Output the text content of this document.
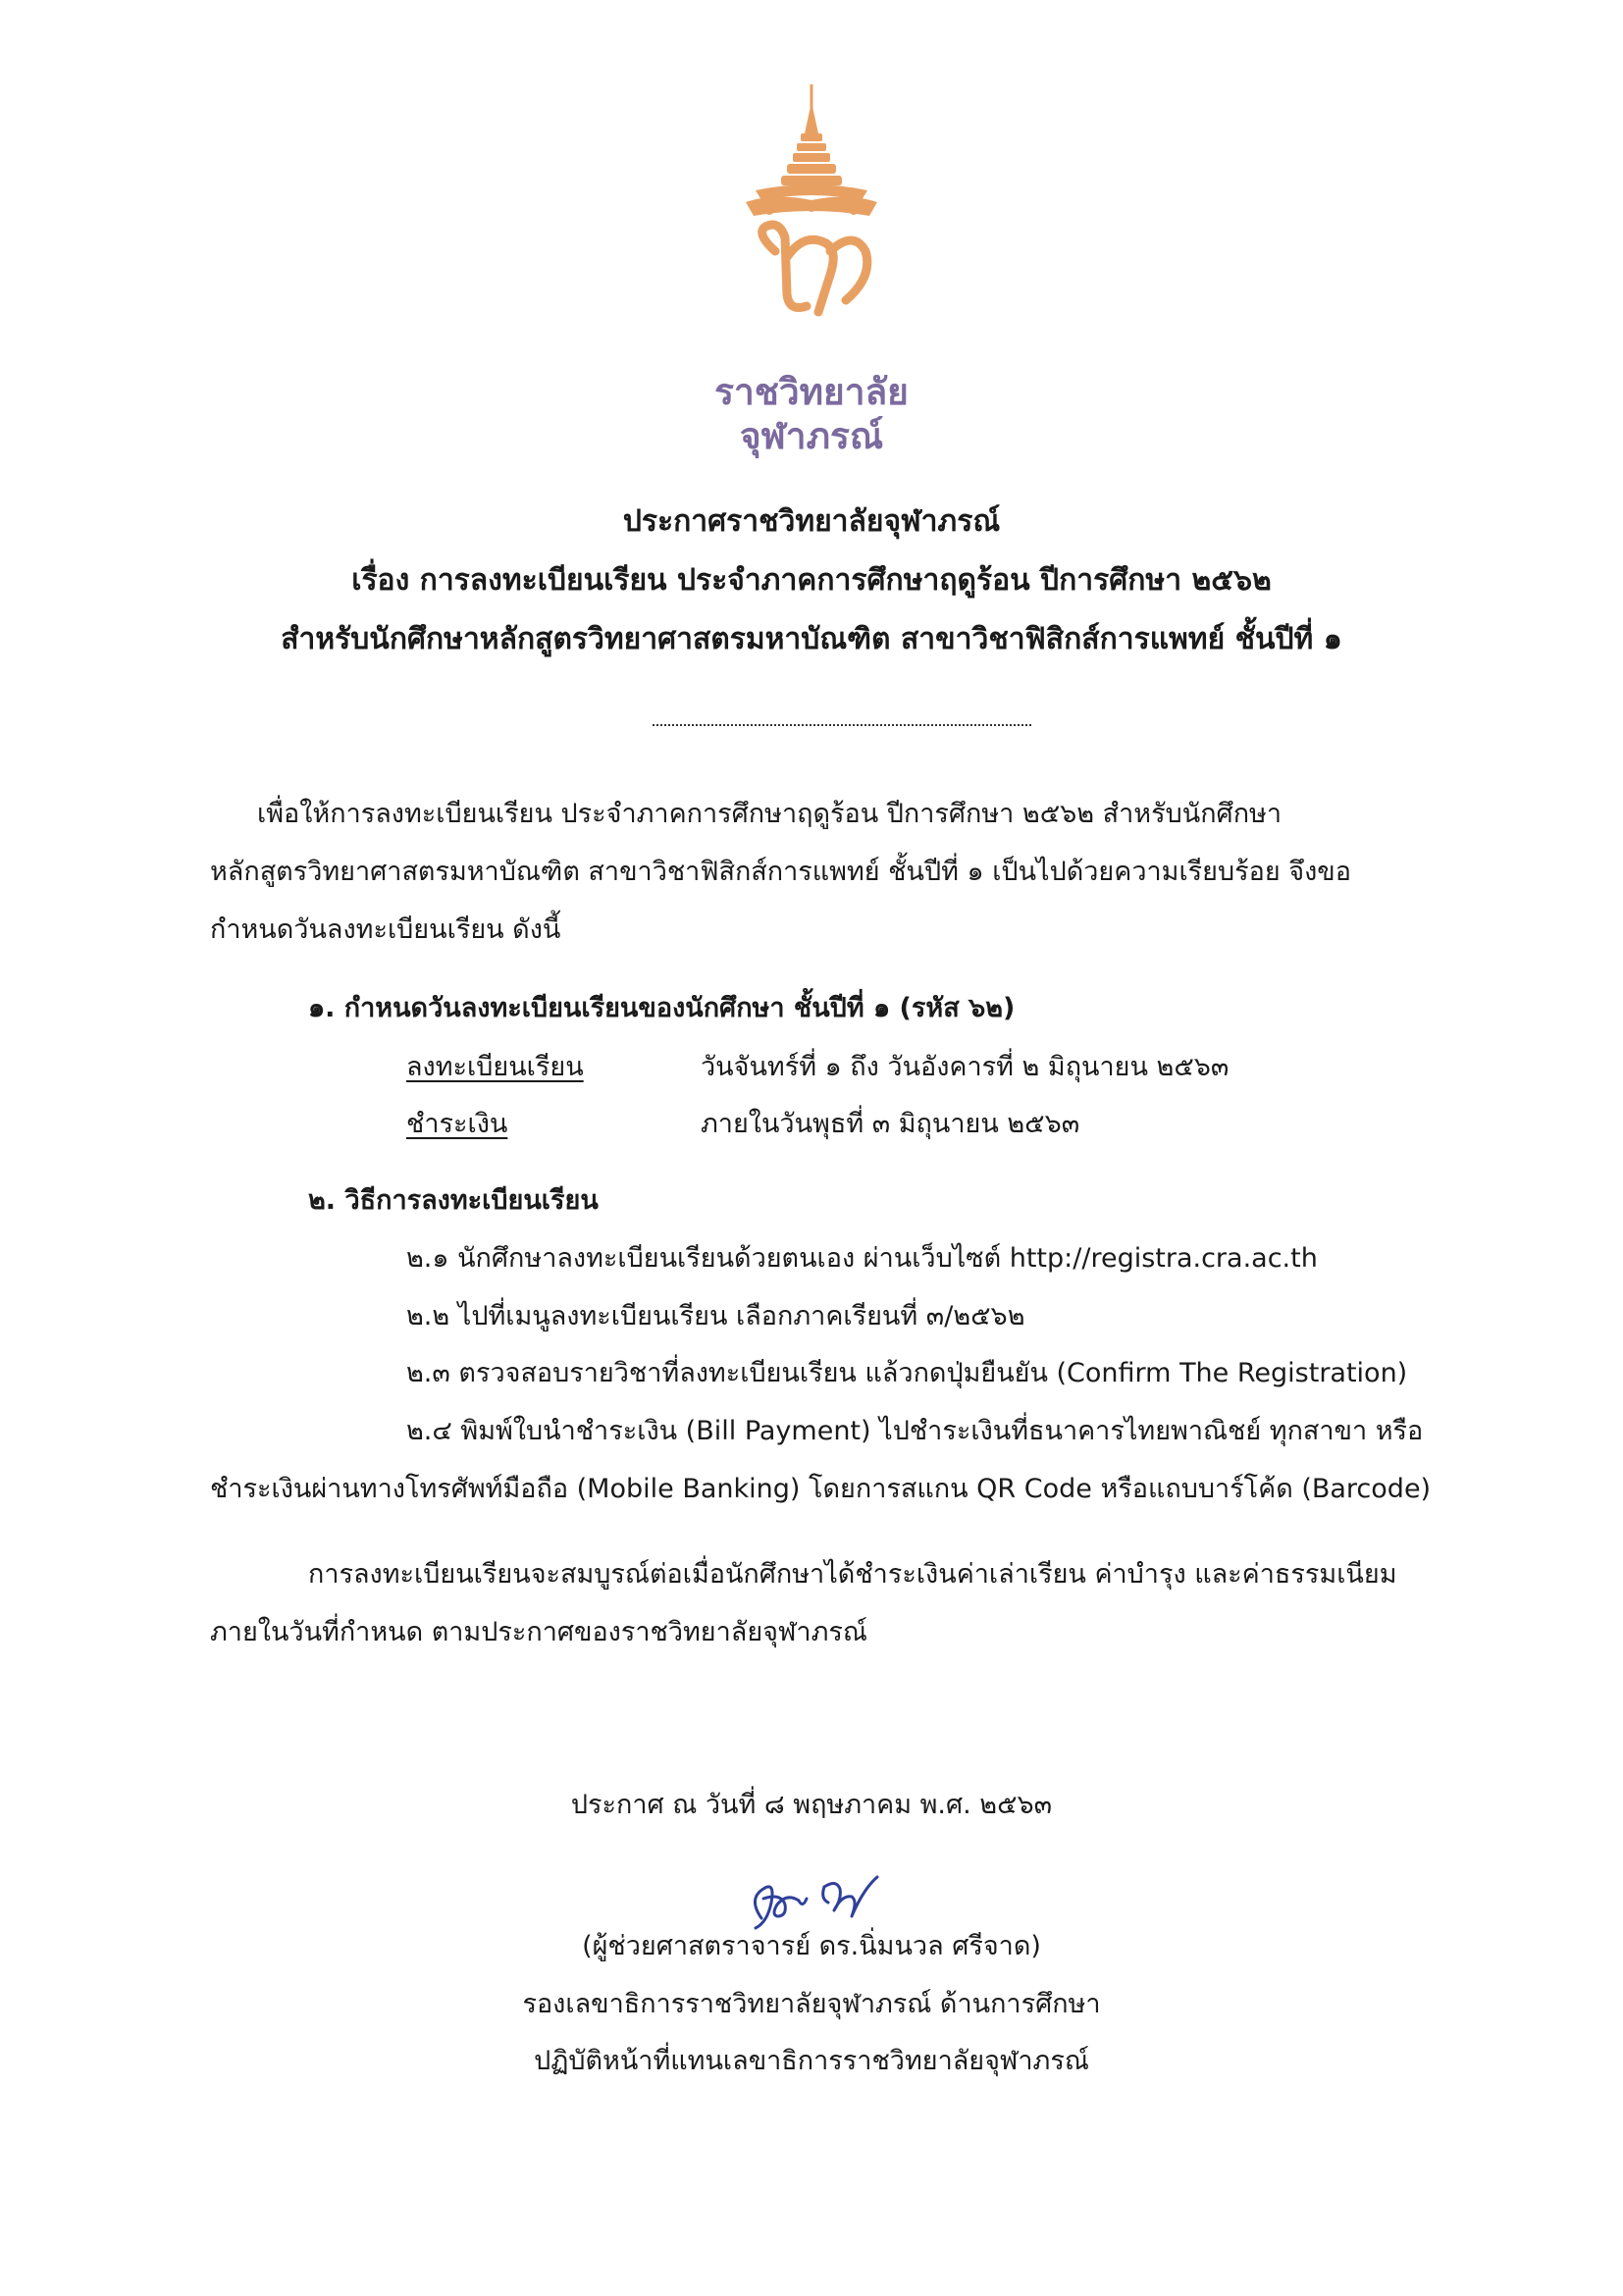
ราชวิทยาลัย
จุฬาภรณ์
ประกาศราชวิทยาลัยจุฬาภรณ์
เรื่อง การลงทะเบียนเรียน ประจำภาคการศึกษาฤดูร้อน ปีการศึกษา ๒๕๖๒
สำหรับนักศึกษาหลักสูตรวิทยาศาสตรมหาบัณฑิต สาขาวิชาฟิสิกส์การแพทย์ ชั้นปีที่ ๑
เพื่อให้การลงทะเบียนเรียน ประจำภาคการศึกษาฤดูร้อน ปีการศึกษา ๒๕๖๒ สำหรับนักศึกษา
หลักสูตรวิทยาศาสตรมหาบัณฑิต สาขาวิชาฟิสิกส์การแพทย์ ชั้นปีที่ ๑ เป็นไปด้วยความเรียบร้อย จึงขอ
กำหนดวันลงทะเบียนเรียน ดังนี้
๑. กำหนดวันลงทะเบียนเรียนของนักศึกษา ชั้นปีที่ ๑ (รหัส ๖๒)
ลงทะเบียนเรียน	วันจันทร์ที่ ๑ ถึง วันอังคารที่ ๒ มิถุนายน ๒๕๖๓
ชำระเงิน	ภายในวันพุธที่ ๓ มิถุนายน ๒๕๖๓
๒. วิธีการลงทะเบียนเรียน
๒.๑ นักศึกษาลงทะเบียนเรียนด้วยตนเอง ผ่านเว็บไซต์ http://registra.cra.ac.th
๒.๒ ไปที่เมนูลงทะเบียนเรียน เลือกภาคเรียนที่ ๓/๒๕๖๒
๒.๓ ตรวจสอบรายวิชาที่ลงทะเบียนเรียน แล้วกดปุ่มยืนยัน (Confirm The Registration)
๒.๔ พิมพ์ใบนำชำระเงิน (Bill Payment) ไปชำระเงินที่ธนาคารไทยพาณิชย์ ทุกสาขา หรือ
ชำระเงินผ่านทางโทรศัพท์มือถือ (Mobile Banking) โดยการสแกน QR Code หรือแถบบาร์โค้ด (Barcode)
การลงทะเบียนเรียนจะสมบูรณ์ต่อเมื่อนักศึกษาได้ชำระเงินค่าเล่าเรียน ค่าบำรุง และค่าธรรมเนียม
ภายในวันที่กำหนด ตามประกาศของราชวิทยาลัยจุฬาภรณ์
ประกาศ ณ วันที่ ๘ พฤษภาคม พ.ศ. ๒๕๖๓
(ผู้ช่วยศาสตราจารย์ ดร.นิ่มนวล ศรีจาด)
รองเลขาธิการราชวิทยาลัยจุฬาภรณ์ ด้านการศึกษา
ปฏิบัติหน้าที่แทนเลขาธิการราชวิทยาลัยจุฬาภรณ์
